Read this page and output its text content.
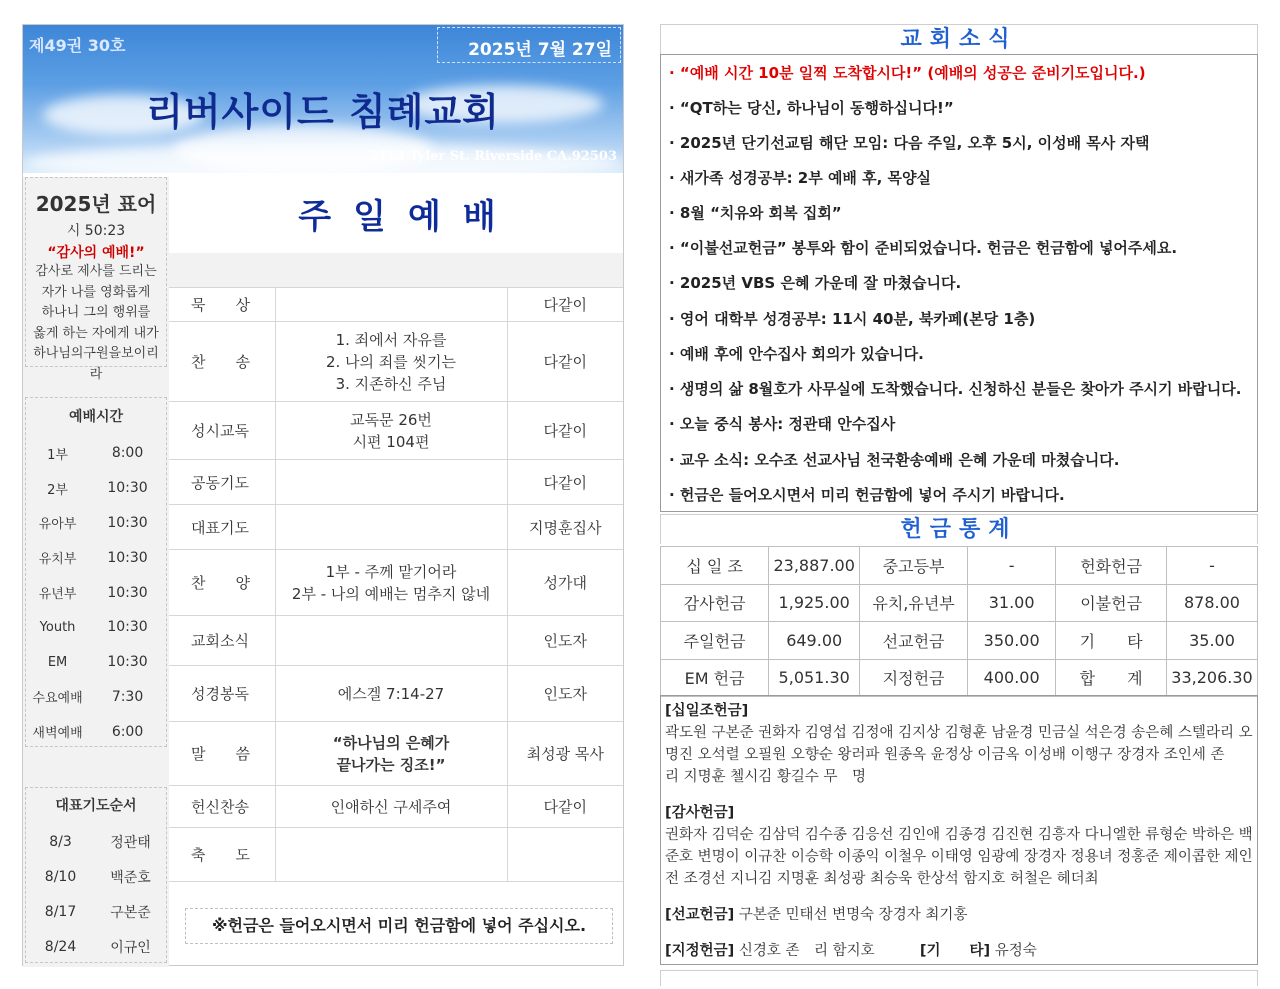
제49권 30호	2025년 7월 27일
리버사이드 침례교회
5413 Tyler St. Riverside CA.92503
2025년 표어
시 50:23
“감사의 예배!”
감사로 제사를 드리는
자가 나를 영화롭게
하나니 그의 행위를
옳게 하는 자에게 내가
하나님의구원을보이리라
예배시간
1부	8:00
2부	10:30
유아부	10:30
유치부	10:30
유년부	10:30
Youth	10:30
EM	10:30
수요예배	7:30
새벽예배	6:00
대표기도순서
8/3	정관태
8/10	백준호
8/17	구본준
8/24	이규인
주일예배
묵　　상		다같이
찬　　송	1. 죄에서 자유를
2. 나의 죄를 씻기는
3. 지존하신 주님	다같이
성시교독	교독문 26번
시편 104편	다같이
공동기도		다같이
대표기도		지명훈집사
찬　　양	1부 - 주께 맡기어라
2부 - 나의 예배는 멈추지 않네	성가대
교회소식		인도자
성경봉독	에스겔 7:14-27	인도자
말　　씀	“하나님의 은혜가
끝나가는 징조!”	최성광 목사
헌신찬송	인애하신 구세주여	다같이
축　　도		
※헌금은 들어오시면서 미리 헌금함에 넣어 주십시오.
교회소식
· “예배 시간 10분 일찍 도착합시다!” (예배의 성공은 준비기도입니다.)
· “QT하는 당신, 하나님이 동행하십니다!”
· 2025년 단기선교팀 해단 모임: 다음 주일, 오후 5시, 이성배 목사 자택
· 새가족 성경공부: 2부 예배 후, 목양실
· 8월 “치유와 회복 집회”
· “이불선교헌금” 봉투와 함이 준비되었습니다. 헌금은 헌금함에 넣어주세요.
· 2025년 VBS 은혜 가운데 잘 마쳤습니다.
· 영어 대학부 성경공부: 11시 40분, 북카페(본당 1층)
· 예배 후에 안수집사 회의가 있습니다.
· 생명의 삶 8월호가 사무실에 도착했습니다. 신청하신 분들은 찾아가 주시기 바랍니다.
· 오늘 중식 봉사: 정관태 안수집사
· 교우 소식: 오수조 선교사님 천국환송예배 은혜 가운데 마쳤습니다.
· 헌금은 들어오시면서 미리 헌금함에 넣어 주시기 바랍니다.
헌금통계
십 일 조	23,887.00	중고등부	-	헌화헌금	-
감사헌금	1,925.00	유치,유년부	31.00	이불헌금	878.00
주일헌금	649.00	선교헌금	350.00	기　　타	35.00
EM 헌금	5,051.30	지정헌금	400.00	합　　계	33,206.30
[십일조헌금]
곽도원 구본준 권화자 김영섭 김정애 김지상 김형훈 남윤경 민금실 석은경 송은혜 스텔라리 오명진 오석렬 오필원 오향순 왕러파 원종옥 윤정상 이금옥 이성배 이행구 장경자 조인세 존　리 지명훈 첼시김 황길수 무　명
[감사헌금]
권화자 김덕순 김삼덕 김수종 김응선 김인애 김종경 김진현 김흥자 다니엘한 류형순 박하은 백준호 변명이 이규찬 이승학 이종익 이철우 이태영 임광예 장경자 정용녀 정홍준 제이콥한 제인전 조경선 지니김 지명훈 최성광 최승욱 한상석 함지호 허철은 헤더최
[선교헌금] 구본준 민태선 변명숙 장경자 최기홍
[지정헌금] 신경호 존　리 함지호	[기　　타] 유정숙
